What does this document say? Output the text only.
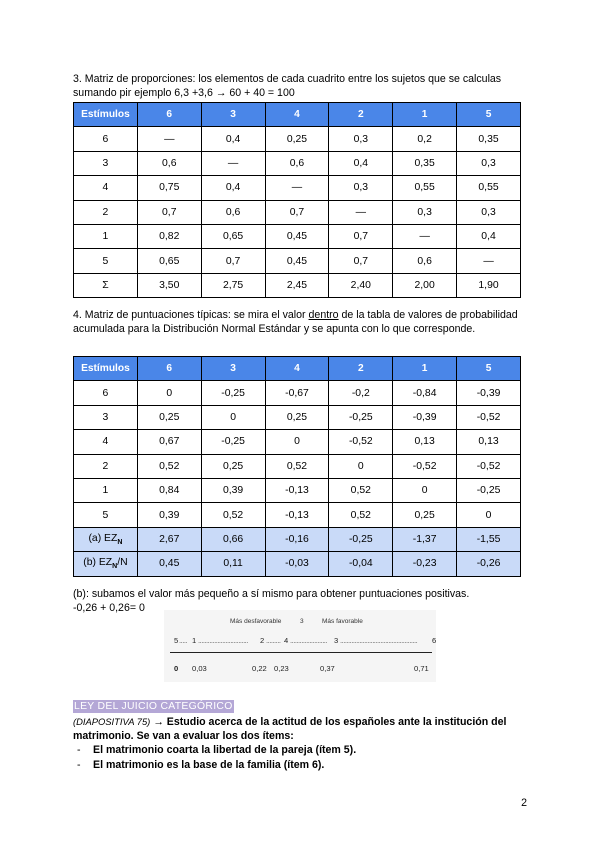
3. Matriz de proporciones: los elementos de cada cuadrito entre los sujetos que se calculas
sumando pir ejemplo 6,3 +3,6 → 60 + 40 = 100
Estímulos	6	3	4	2	1	5
6	—	0,4	0,25	0,3	0,2	0,35
3	0,6	—	0,6	0,4	0,35	0,3
4	0,75	0,4	—	0,3	0,55	0,55
2	0,7	0,6	0,7	—	0,3	0,3
1	0,82	0,65	0,45	0,7	—	0,4
5	0,65	0,7	0,45	0,7	0,6	—
Σ	3,50	2,75	2,45	2,40	2,00	1,90
4. Matriz de puntuaciones típicas: se mira el valor dentro de la tabla de valores de probabilidad acumulada para la Distribución Normal Estándar y se apunta con lo que corresponde.
Estímulos	6	3	4	2	1	5
6	0	-0,25	-0,67	-0,2	-0,84	-0,39
3	0,25	0	0,25	-0,25	-0,39	-0,52
4	0,67	-0,25	0	-0,52	0,13	0,13
2	0,52	0,25	0,52	0	-0,52	-0,52
1	0,84	0,39	-0,13	0,52	0	-0,25
5	0,39	0,52	-0,13	0,52	0,25	0
(a) $EZ_N$	2,67	0,66	-0,16	-0,25	-1,37	-1,55
(b) $EZ_N/N$	0,45	0,11	-0,03	-0,04	-0,23	-0,26
(b): subamos el valor más pequeño a sí mismo para obtener puntuaciones positivas.
-0,26 + 0,26= 0
Más desfavorable	3	Más favorable
5 ..... 1 ............................... 2 ......... 4 ....................... 3 ................................................ 6
0 0,03	0,22 0,23	0,37	0,71
LEY DEL JUICIO CATEGÓRICO
(DIAPOSITIVA 75) → Estudio acerca de la actitud de los españoles ante la institución del matrimonio. Se van a evaluar los dos ítems:
- El matrimonio coarta la libertad de la pareja (ítem 5).
- El matrimonio es la base de la familia (ítem 6).
2
